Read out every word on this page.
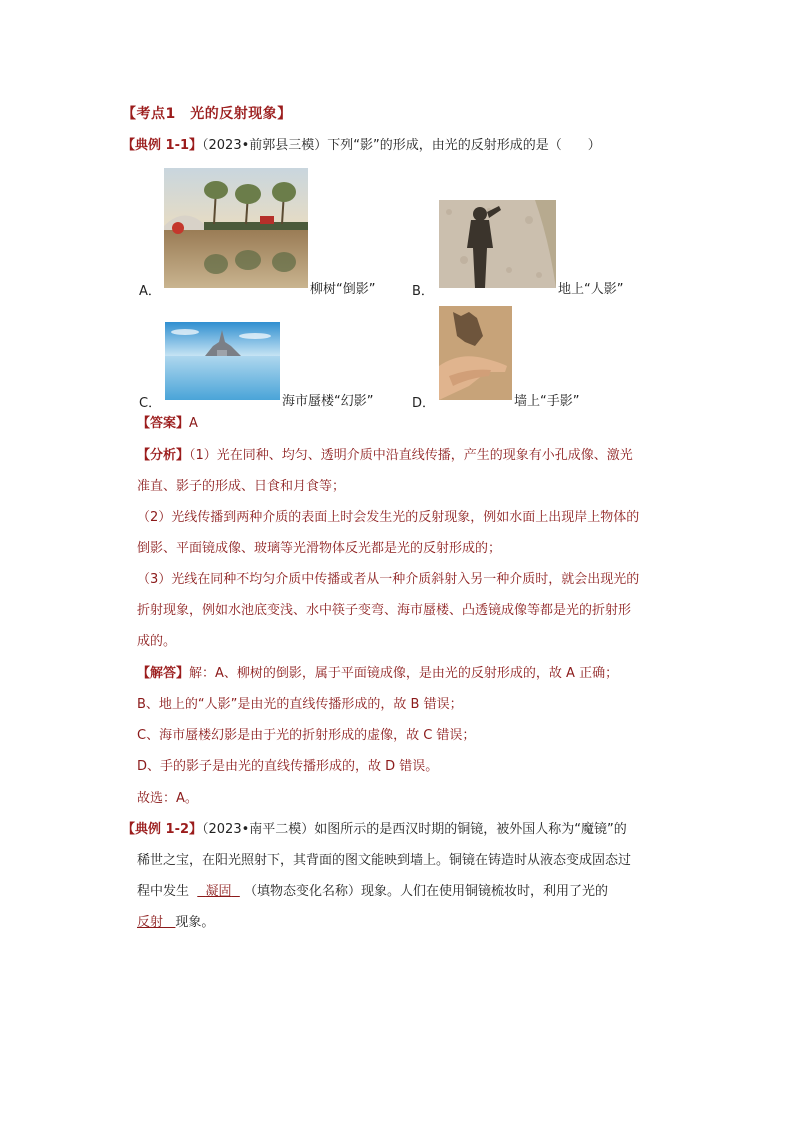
【考点1　光的反射现象】
【典例 1-1】（2023•前郭县三模）下列“影”的形成，由光的反射形成的是（　　）
A．	柳树“倒影”	B．	地上“人影”
C．	海市蜃楼“幻影”	D．	墙上“手影”
【答案】A
【分析】（1）光在同种、均匀、透明介质中沿直线传播，产生的现象有小孔成像、激光
准直、影子的形成、日食和月食等；
（2）光线传播到两种介质的表面上时会发生光的反射现象，例如水面上出现岸上物体的
倒影、平面镜成像、玻璃等光滑物体反光都是光的反射形成的；
（3）光线在同种不均匀介质中传播或者从一种介质斜射入另一种介质时，就会出现光的
折射现象，例如水池底变浅、水中筷子变弯、海市蜃楼、凸透镜成像等都是光的折射形
成的。
【解答】解：A、柳树的倒影，属于平面镜成像，是由光的反射形成的，故 A 正确；
B、地上的“人影”是由光的直线传播形成的，故 B 错误；
C、海市蜃楼幻影是由于光的折射形成的虚像，故 C 错误；
D、手的影子是由光的直线传播形成的，故 D 错误。
故选：A。
【典例 1-2】（2023•南平二模）如图所示的是西汉时期的铜镜，被外国人称为“魔镜”的
稀世之宝，在阳光照射下，其背面的图文能映到墙上。铜镜在铸造时从液态变成固态过
程中发生 凝固 （填物态变化名称）现象。人们在使用铜镜梳妆时，利用了光的
反射 现象。
